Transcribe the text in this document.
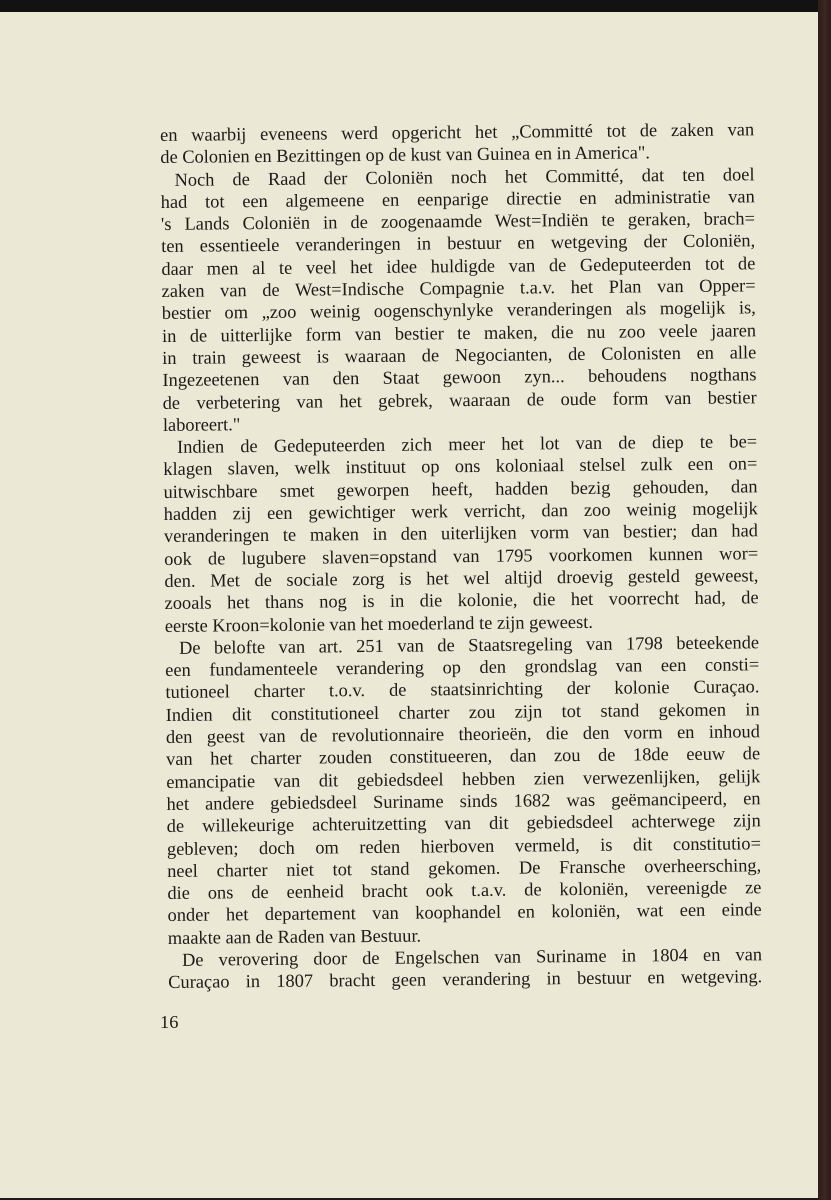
en waarbij eveneens werd opgericht het „Committé tot de zaken van
de Colonien en Bezittingen op de kust van Guinea en in America".
Noch de Raad der Coloniën noch het Committé, dat ten doel
had tot een algemeene en eenparige directie en administratie van
's Lands Coloniën in de zoogenaamde West=Indiën te geraken, brach=
ten essentieele veranderingen in bestuur en wetgeving der Coloniën,
daar men al te veel het idee huldigde van de Gedeputeerden tot de
zaken van de West=Indische Compagnie t.a.v. het Plan van Opper=
bestier om „zoo weinig oogenschynlyke veranderingen als mogelijk is,
in de uitterlijke form van bestier te maken, die nu zoo veele jaaren
in train geweest is waaraan de Negocianten, de Colonisten en alle
Ingezeetenen van den Staat gewoon zyn... behoudens nogthans
de verbetering van het gebrek, waaraan de oude form van bestier
laboreert."
Indien de Gedeputeerden zich meer het lot van de diep te be=
klagen slaven, welk instituut op ons koloniaal stelsel zulk een on=
uitwischbare smet geworpen heeft, hadden bezig gehouden, dan
hadden zij een gewichtiger werk verricht, dan zoo weinig mogelijk
veranderingen te maken in den uiterlijken vorm van bestier; dan had
ook de lugubere slaven=opstand van 1795 voorkomen kunnen wor=
den. Met de sociale zorg is het wel altijd droevig gesteld geweest,
zooals het thans nog is in die kolonie, die het voorrecht had, de
eerste Kroon=kolonie van het moederland te zijn geweest.
De belofte van art. 251 van de Staatsregeling van 1798 beteekende
een fundamenteele verandering op den grondslag van een consti=
tutioneel charter t.o.v. de staatsinrichting der kolonie Curaçao.
Indien dit constitutioneel charter zou zijn tot stand gekomen in
den geest van de revolutionnaire theorieën, die den vorm en inhoud
van het charter zouden constitueeren, dan zou de 18de eeuw de
emancipatie van dit gebiedsdeel hebben zien verwezenlijken, gelijk
het andere gebiedsdeel Suriname sinds 1682 was geëmancipeerd, en
de willekeurige achteruitzetting van dit gebiedsdeel achterwege zijn
gebleven; doch om reden hierboven vermeld, is dit constitutio=
neel charter niet tot stand gekomen. De Fransche overheersching,
die ons de eenheid bracht ook t.a.v. de koloniën, vereenigde ze
onder het departement van koophandel en koloniën, wat een einde
maakte aan de Raden van Bestuur.
De verovering door de Engelschen van Suriname in 1804 en van
Curaçao in 1807 bracht geen verandering in bestuur en wetgeving.
16
